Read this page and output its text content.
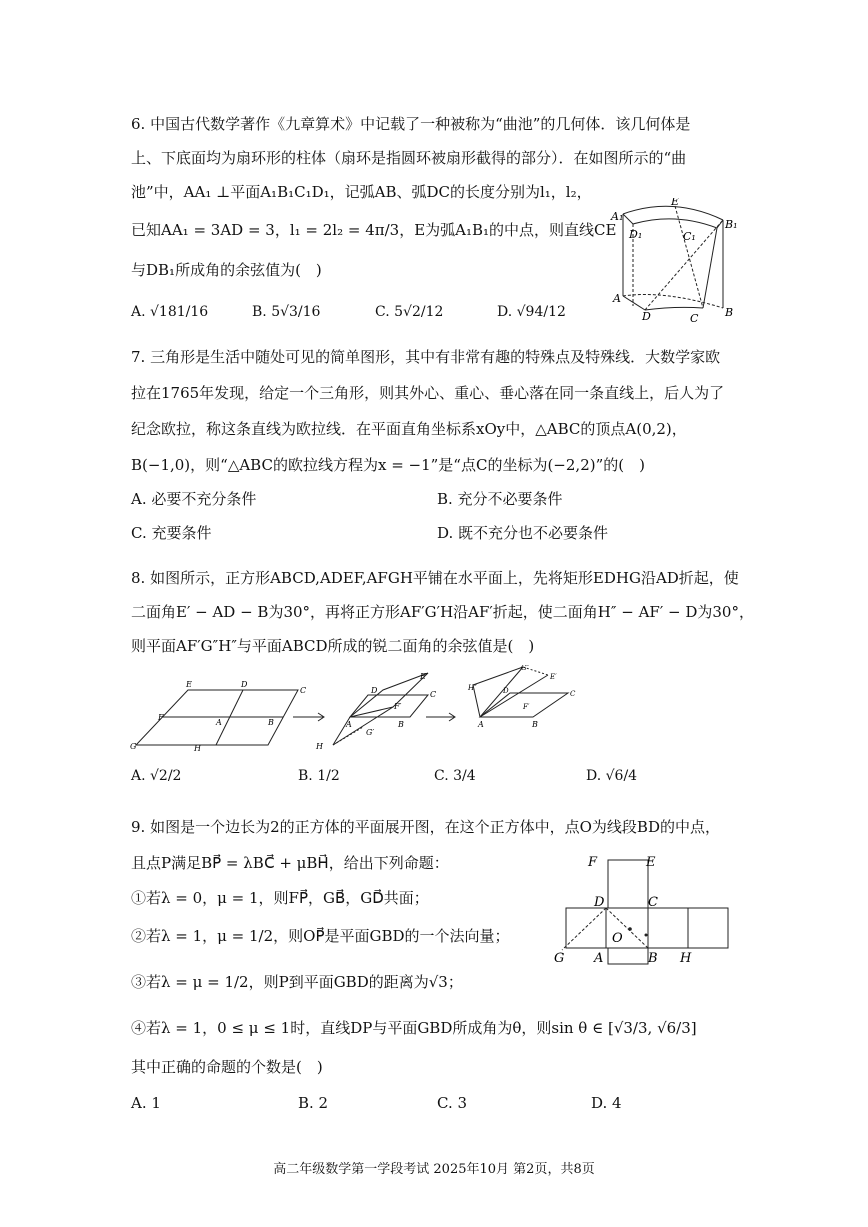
6. 中国古代数学著作《九章算术》中记载了一种被称为“曲池”的几何体．该几何体是
上、下底面均为扇环形的柱体（扇环是指圆环被扇形截得的部分）．在如图所示的“曲
池”中，AA₁ ⊥平面A₁B₁C₁D₁，记弧AB、弧DC的长度分别为l₁，l₂，
已知AA₁ = 3AD = 3，l₁ = 2l₂ = 4π/3，E为弧A₁B₁的中点，则直线CE
与DB₁所成角的余弦值为(　)
A. √181/16	B. 5√3/16	C. 5√2/12	D. √94/12
A₁
E
B₁
D₁	C₁
A
D	C B
7. 三角形是生活中随处可见的简单图形，其中有非常有趣的特殊点及特殊线．大数学家欧
拉在1765年发现，给定一个三角形，则其外心、重心、垂心落在同一条直线上，后人为了
纪念欧拉，称这条直线为欧拉线．在平面直角坐标系xOy中，△ABC的顶点A(0,2)，
B(−1,0)，则“△ABC的欧拉线方程为x = −1”是“点C的坐标为(−2,2)”的(　)
A. 必要不充分条件	B. 充分不必要条件
C. 充要条件	D. 既不充分也不必要条件
8. 如图所示，正方形ABCD,ADEF,AFGH平铺在水平面上，先将矩形EDHG沿AD折起，使
二面角E′ − AD − B为30°，再将正方形AF′G′H沿AF′折起，使二面角H″ − AF′ − D为30°，
则平面AF′G″H″与平面ABCD所成的锐二面角的余弦值是(　)
E	D
C
F
A	B
G	H
E′
D	C
F′
A	B
G′
H
G″
H″	D
E′
C
F′
A	B
A. √2/2	B. 1/2	C. 3/4	D. √6/4
9. 如图是一个边长为2的正方体的平面展开图，在这个正方体中，点O为线段BD的中点，
且点P满足BP⃗ = λBC⃗ + μBH⃗，给出下列命题：
①若λ = 0，μ = 1，则FP⃗，GB⃗，GD⃗共面；
②若λ = 1，μ = 1/2，则OP⃗是平面GBD的一个法向量；
③若λ = μ = 1/2，则P到平面GBD的距离为√3；
④若λ = 1，0 ≤ μ ≤ 1时，直线DP与平面GBD所成角为θ，则sin θ ∈ [√3/3, √6/3]
其中正确的命题的个数是(　)
A. 1	B. 2	C. 3	D. 4
F	E
D	C
O
G A	B H
高二年级数学第一学段考试 2025年10月 第2页，共8页
